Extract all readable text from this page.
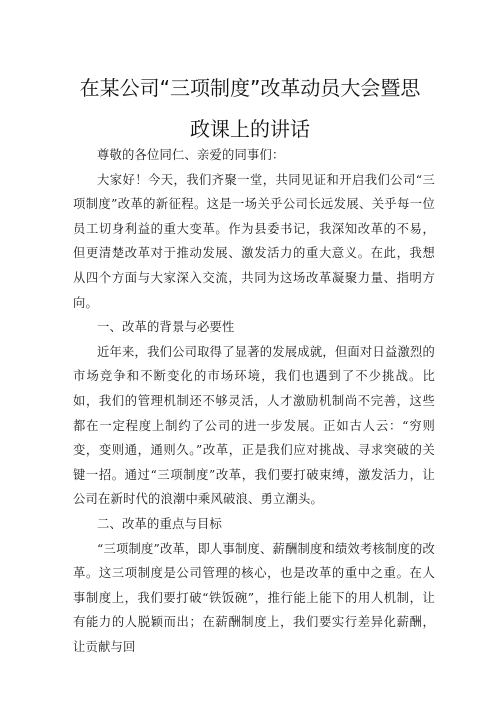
在某公司“三项制度”改革动员大会暨思
政课上的讲话

尊敬的各位同仁、亲爱的同事们：

大家好！今天，我们齐聚一堂，共同见证和开启我们公司“三项制度”改革的新征程。这是一场关乎公司长远发展、关乎每一位员工切身利益的重大变革。作为县委书记，我深知改革的不易，但更清楚改革对于推动发展、激发活力的重大意义。在此，我想从四个方面与大家深入交流，共同为这场改革凝聚力量、指明方向。

一、改革的背景与必要性

近年来，我们公司取得了显著的发展成就，但面对日益激烈的市场竞争和不断变化的市场环境，我们也遇到了不少挑战。比如，我们的管理机制还不够灵活，人才激励机制尚不完善，这些都在一定程度上制约了公司的进一步发展。正如古人云：“穷则变，变则通，通则久。”改革，正是我们应对挑战、寻求突破的关键一招。通过“三项制度”改革，我们要打破束缚，激发活力，让公司在新时代的浪潮中乘风破浪、勇立潮头。

二、改革的重点与目标

“三项制度”改革，即人事制度、薪酬制度和绩效考核制度的改革。这三项制度是公司管理的核心，也是改革的重中之重。在人事制度上，我们要打破“铁饭碗”，推行能上能下的用人机制，让有能力的人脱颖而出；在薪酬制度上，我们要实行差异化薪酬，让贡献与回
